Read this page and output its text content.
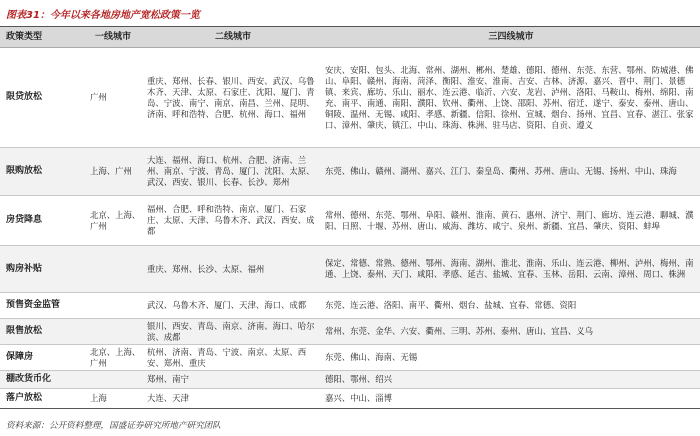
图表31：今年以来各地房地产宽松政策一览
政策类型	一线城市	二线城市	三四线城市
限贷放松	广州	重庆、郑州、长春、银川、西安、武汉、乌鲁木齐、天津、太原、石家庄、沈阳、厦门、青岛、宁波、南宁、南京、南昌、兰州、昆明、济南、呼和浩特、合肥、杭州、海口、福州	安庆、安阳、包头、北海、常州、湖州、郴州、楚雄、德阳、德州、东莞、东营、鄂州、防城港、佛山、阜阳、赣州、海南、菏泽、衡阳、淮安、淮南、吉安、吉林、济源、嘉兴、晋中、荆门、景德镇、来宾、廊坊、乐山、丽水、连云港、临沂、六安、龙岩、泸州、洛阳、马鞍山、梅州、绵阳、南充、南平、南通、南阳、濮阳、钦州、衢州、上饶、邵阳、苏州、宿迁、遂宁、泰安、泰州、唐山、铜陵、温州、无锡、咸阳、孝感、新疆、信阳、徐州、宣城、烟台、扬州、宜昌、宜春、湛江、张家口、漳州、肇庆、镇江、中山、珠海、株洲、驻马店、资阳、自贡、遵义
限购放松	上海、广州	大连、福州、海口、杭州、合肥、济南、兰州、南京、宁波、青岛、厦门、沈阳、太原、武汉、西安、银川、长春、长沙、郑州	东莞、佛山、赣州、湖州、嘉兴、江门、秦皇岛、衢州、苏州、唐山、无锡、扬州、中山、珠海
房贷降息	北京、上海、广州	福州、合肥、呼和浩特、南京、厦门、石家庄、太原、天津、乌鲁木齐、武汉、西安、成都	常州、德州、东莞、鄂州、阜阳、赣州、淮南、黄石、惠州、济宁、荆门、廊坊、连云港、聊城、濮阳、日照、十堰、苏州、唐山、威海、潍坊、咸宁、泉州、新疆、宜昌、肇庆、资阳、蚌埠
购房补贴		重庆、郑州、长沙、太原、福州	保定、常德、常熟、德州、鄂州、海南、湖州、淮北、淮南、乐山、连云港、柳州、泸州、梅州、南通、上饶、泰州、天门、咸阳、孝感、延吉、盐城、宜春、玉林、岳阳、云南、漳州、周口、株洲
预售资金监管		武汉、乌鲁木齐、厦门、天津、海口、成都	东莞、连云港、洛阳、南平、衢州、烟台、盐城、宜春、常德、资阳
限售放松		银川、西安、青岛、南京、济南、海口、哈尔滨、成都	常州、东莞、金华、六安、衢州、三明、苏州、泰州、唐山、宜昌、义乌
保障房	北京、上海、广州	杭州、济南、青岛、宁波、南京、太原、西安、郑州、重庆	东莞、佛山、海南、无锡
棚改货币化		郑州、南宁	德阳、鄂州、绍兴
落户放松	上海	大连、天津	嘉兴、中山、淄博
资料来源：公开资料整理，国盛证券研究所地产研究团队
